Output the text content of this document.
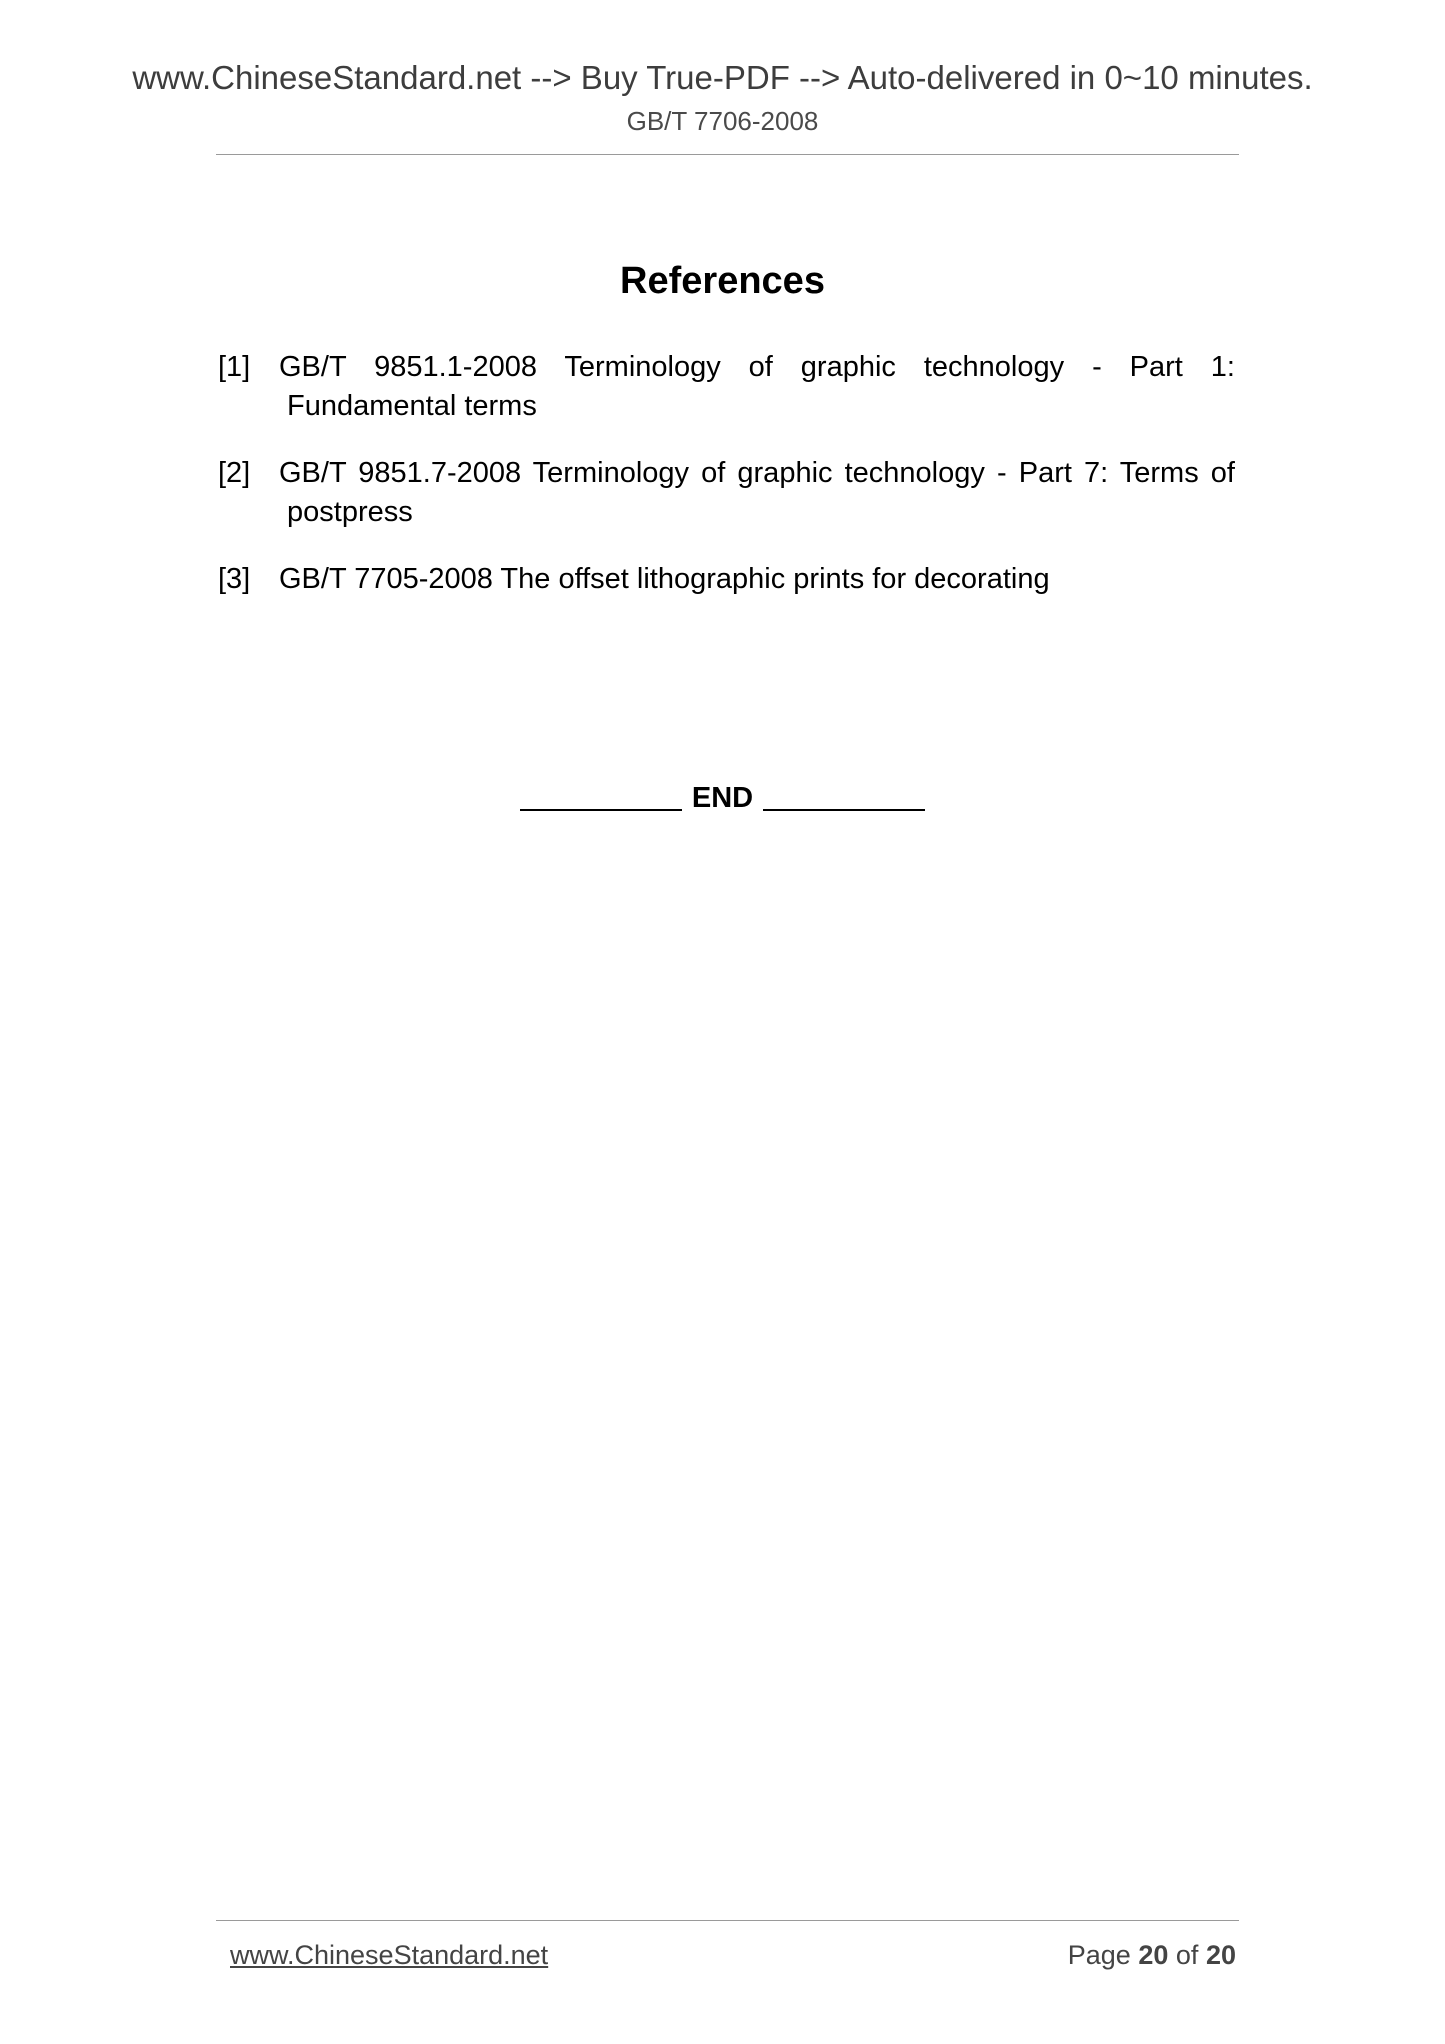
www.ChineseStandard.net --> Buy True-PDF --> Auto-delivered in 0~10 minutes.
GB/T 7706-2008
References
[1] GB/T 9851.1-2008 Terminology of graphic technology - Part 1: Fundamental terms
[2] GB/T 9851.7-2008 Terminology of graphic technology - Part 7: Terms of postpress
[3] GB/T 7705-2008 The offset lithographic prints for decorating
END
www.ChineseStandard.net	Page 20 of 20
